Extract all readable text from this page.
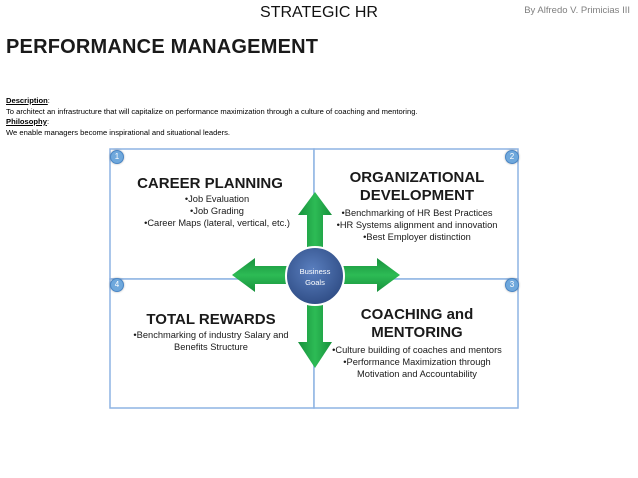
STRATEGIC HR	By Alfredo V. Primicias III
PERFORMANCE MANAGEMENT
Description:
To architect an infrastructure that will capitalize on performance maximization through a culture of coaching and mentoring.
Philosophy:
We enable managers become inspirational and situational leaders.
1	2
3
4
Business
Goals
CAREER PLANNING
•Job Evaluation
•Job Grading
•Career Maps (lateral, vertical, etc.)
ORGANIZATIONAL
DEVELOPMENT
•Benchmarking of HR Best Practices
•HR Systems alignment and innovation
•Best Employer distinction
TOTAL REWARDS
•Benchmarking of industry Salary and
Benefits Structure
COACHING and
MENTORING
•Culture building of coaches and mentors
•Performance Maximization through
Motivation and Accountability
